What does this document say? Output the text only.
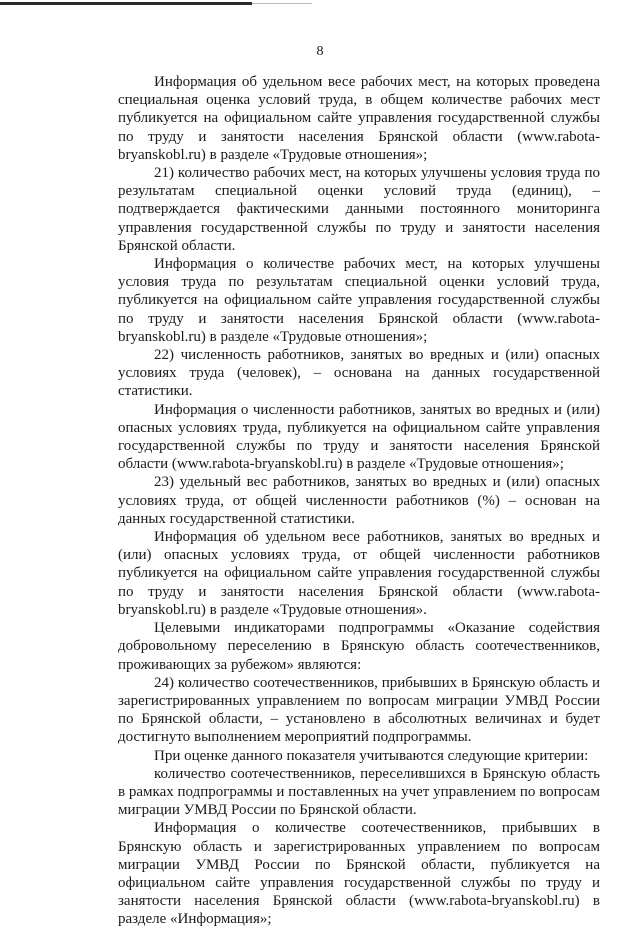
8

Информация об удельном весе рабочих мест, на которых проведена специальная оценка условий труда, в общем количестве рабочих мест публикуется на официальном сайте управления государственной службы по труду и занятости населения Брянской области (www.rabota-bryanskobl.ru) в разделе «Трудовые отношения»;

21) количество рабочих мест, на которых улучшены условия труда по результатам специальной оценки условий труда (единиц), – подтверждается фактическими данными постоянного мониторинга управления государственной службы по труду и занятости населения Брянской области.

Информация о количестве рабочих мест, на которых улучшены условия труда по результатам специальной оценки условий труда, публикуется на официальном сайте управления государственной службы по труду и занятости населения Брянской области (www.rabota-bryanskobl.ru) в разделе «Трудовые отношения»;

22) численность работников, занятых во вредных и (или) опасных условиях труда (человек), – основана на данных государственной статистики.

Информация о численности работников, занятых во вредных и (или) опасных условиях труда, публикуется на официальном сайте управления государственной службы по труду и занятости населения Брянской области (www.rabota-bryanskobl.ru) в разделе «Трудовые отношения»;

23) удельный вес работников, занятых во вредных и (или) опасных условиях труда, от общей численности работников (%) – основан на данных государственной статистики.

Информация об удельном весе работников, занятых во вредных и (или) опасных условиях труда, от общей численности работников публикуется на официальном сайте управления государственной службы по труду и занятости населения Брянской области (www.rabota-bryanskobl.ru) в разделе «Трудовые отношения».

Целевыми индикаторами подпрограммы «Оказание содействия добровольному переселению в Брянскую область соотечественников, проживающих за рубежом» являются:

24) количество соотечественников, прибывших в Брянскую область и зарегистрированных управлением по вопросам миграции УМВД России по Брянской области, – установлено в абсолютных величинах и будет достигнуто выполнением мероприятий подпрограммы.

При оценке данного показателя учитываются следующие критерии:

количество соотечественников, переселившихся в Брянскую область в рамках подпрограммы и поставленных на учет управлением по вопросам миграции УМВД России по Брянской области.

Информация о количестве соотечественников, прибывших в Брянскую область и зарегистрированных управлением по вопросам миграции УМВД России по Брянской области, публикуется на официальном сайте управления государственной службы по труду и занятости населения Брянской области (www.rabota-bryanskobl.ru) в разделе «Информация»;
